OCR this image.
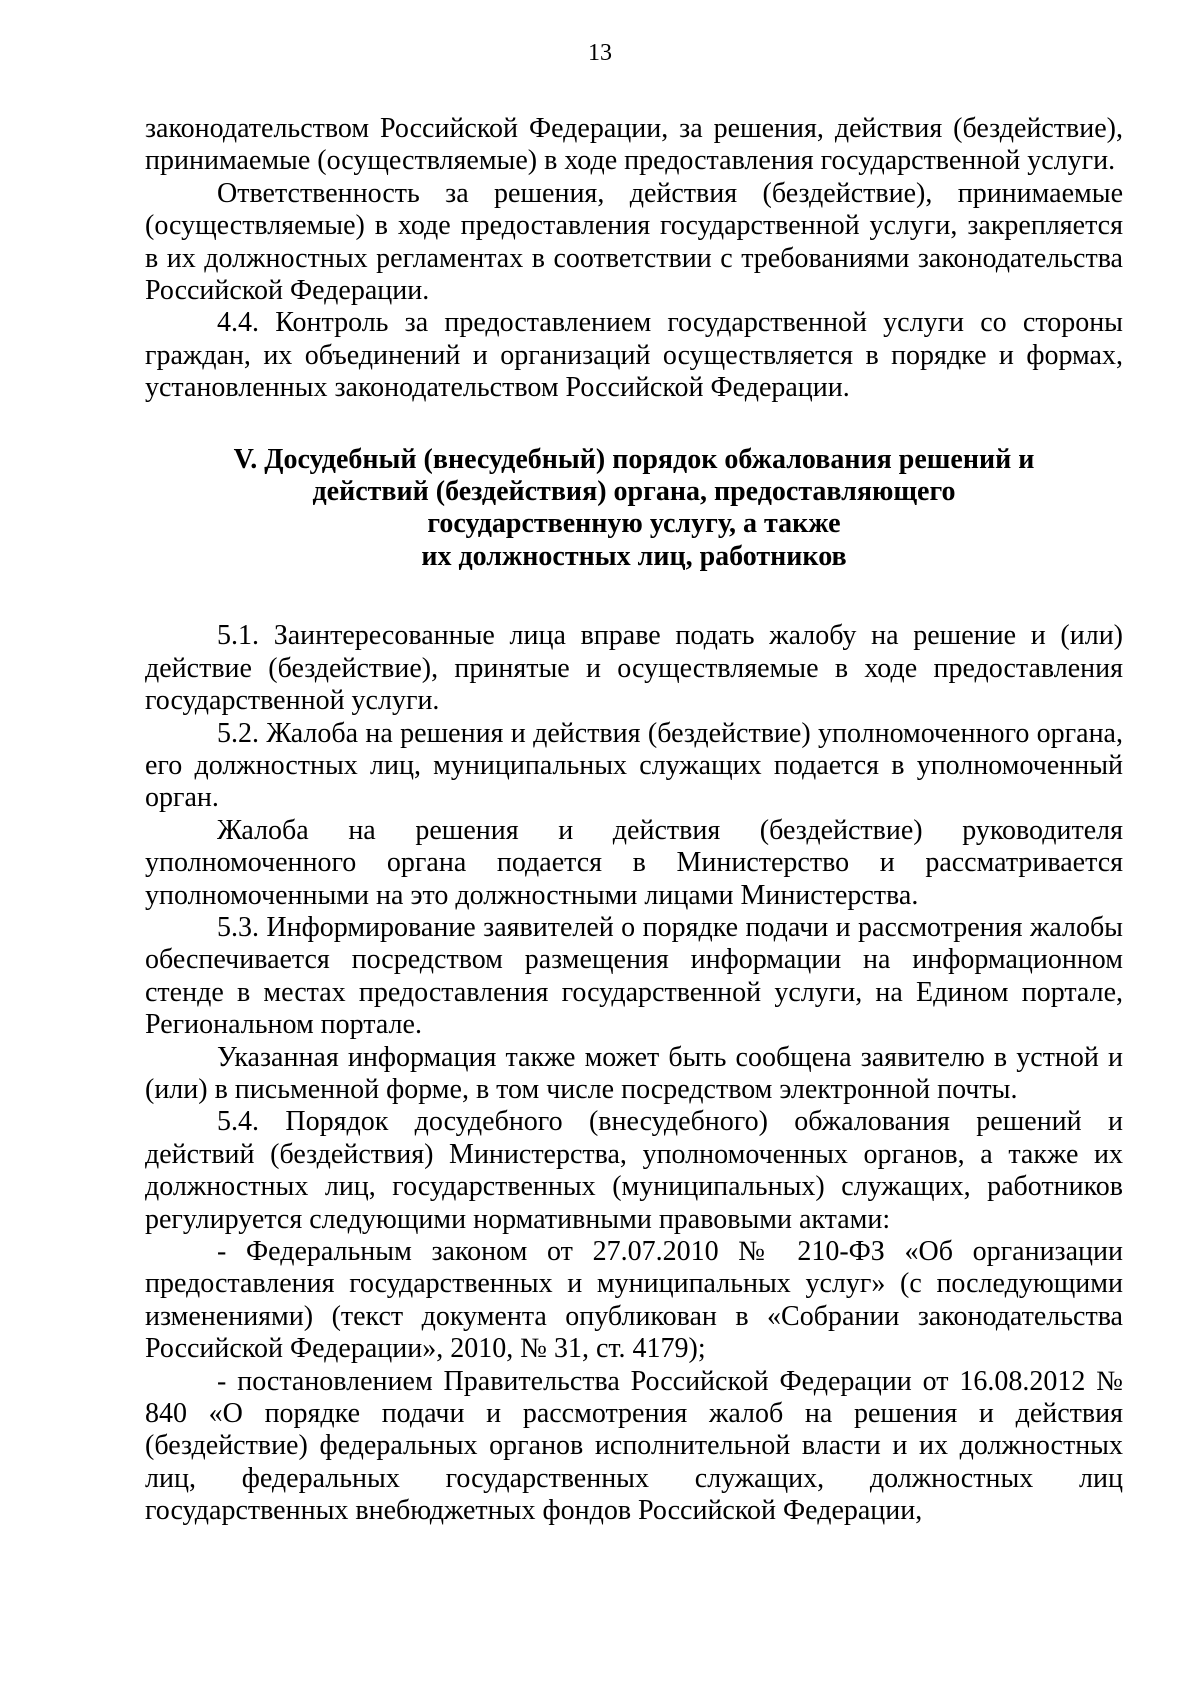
13

законодательством Российской Федерации, за решения, действия (бездействие), принимаемые (осуществляемые) в ходе предоставления государственной услуги.

Ответственность за решения, действия (бездействие), принимаемые (осуществляемые) в ходе предоставления государственной услуги, закрепляется в их должностных регламентах в соответствии с требованиями законодательства Российской Федерации.

4.4. Контроль за предоставлением государственной услуги со стороны граждан, их объединений и организаций осуществляется в порядке и формах, установленных законодательством Российской Федерации.

V. Досудебный (внесудебный) порядок обжалования решений и
действий (бездействия) органа, предоставляющего
государственную услугу, а также
их должностных лиц, работников

5.1. Заинтересованные лица вправе подать жалобу на решение и (или) действие (бездействие), принятые и осуществляемые в ходе предоставления государственной услуги.

5.2. Жалоба на решения и действия (бездействие) уполномоченного органа, его должностных лиц, муниципальных служащих подается в уполномоченный орган.

Жалоба на решения и действия (бездействие) руководителя уполномоченного органа подается в Министерство и рассматривается уполномоченными на это должностными лицами Министерства.

5.3. Информирование заявителей о порядке подачи и рассмотрения жалобы обеспечивается посредством размещения информации на информационном стенде в местах предоставления государственной услуги, на Едином портале, Региональном портале.

Указанная информация также может быть сообщена заявителю в устной и (или) в письменной форме, в том числе посредством электронной почты.

5.4. Порядок досудебного (внесудебного) обжалования решений и действий (бездействия) Министерства, уполномоченных органов, а также их должностных лиц, государственных (муниципальных) служащих, работников регулируется следующими нормативными правовыми актами:

- Федеральным законом от 27.07.2010 № 210-ФЗ «Об организации предоставления государственных и муниципальных услуг» (с последующими изменениями) (текст документа опубликован в «Собрании законодательства Российской Федерации», 2010, № 31, ст. 4179);

- постановлением Правительства Российской Федерации от 16.08.2012 № 840 «О порядке подачи и рассмотрения жалоб на решения и действия (бездействие) федеральных органов исполнительной власти и их должностных лиц, федеральных государственных служащих, должностных лиц государственных внебюджетных фондов Российской Федерации,
